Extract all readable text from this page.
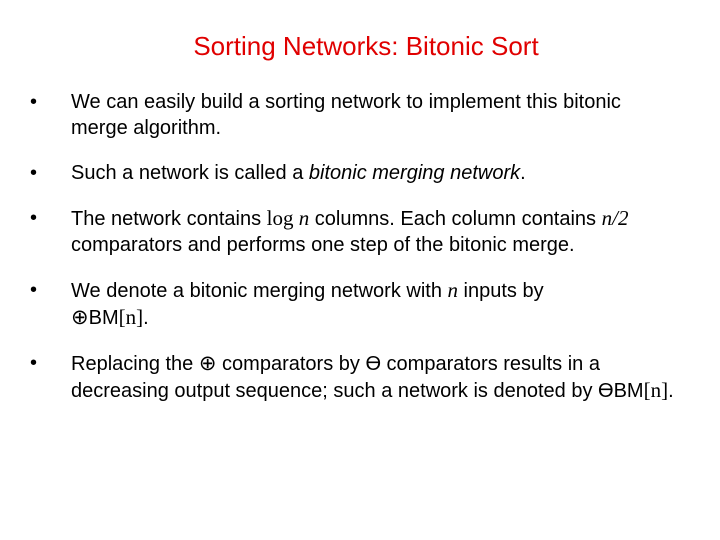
Sorting Networks: Bitonic Sort
•	We can easily build a sorting network to implement this bitonic merge algorithm.
•	Such a network is called a bitonic merging network.
•	The network contains log n columns. Each column contains n/2 comparators and performs one step of the bitonic merge.
•	We denote a bitonic merging network with n inputs by
⊕BM[n].
•	Replacing the ⊕ comparators by Ө comparators results in a decreasing output sequence; such a network is denoted by ӨBM[n].
